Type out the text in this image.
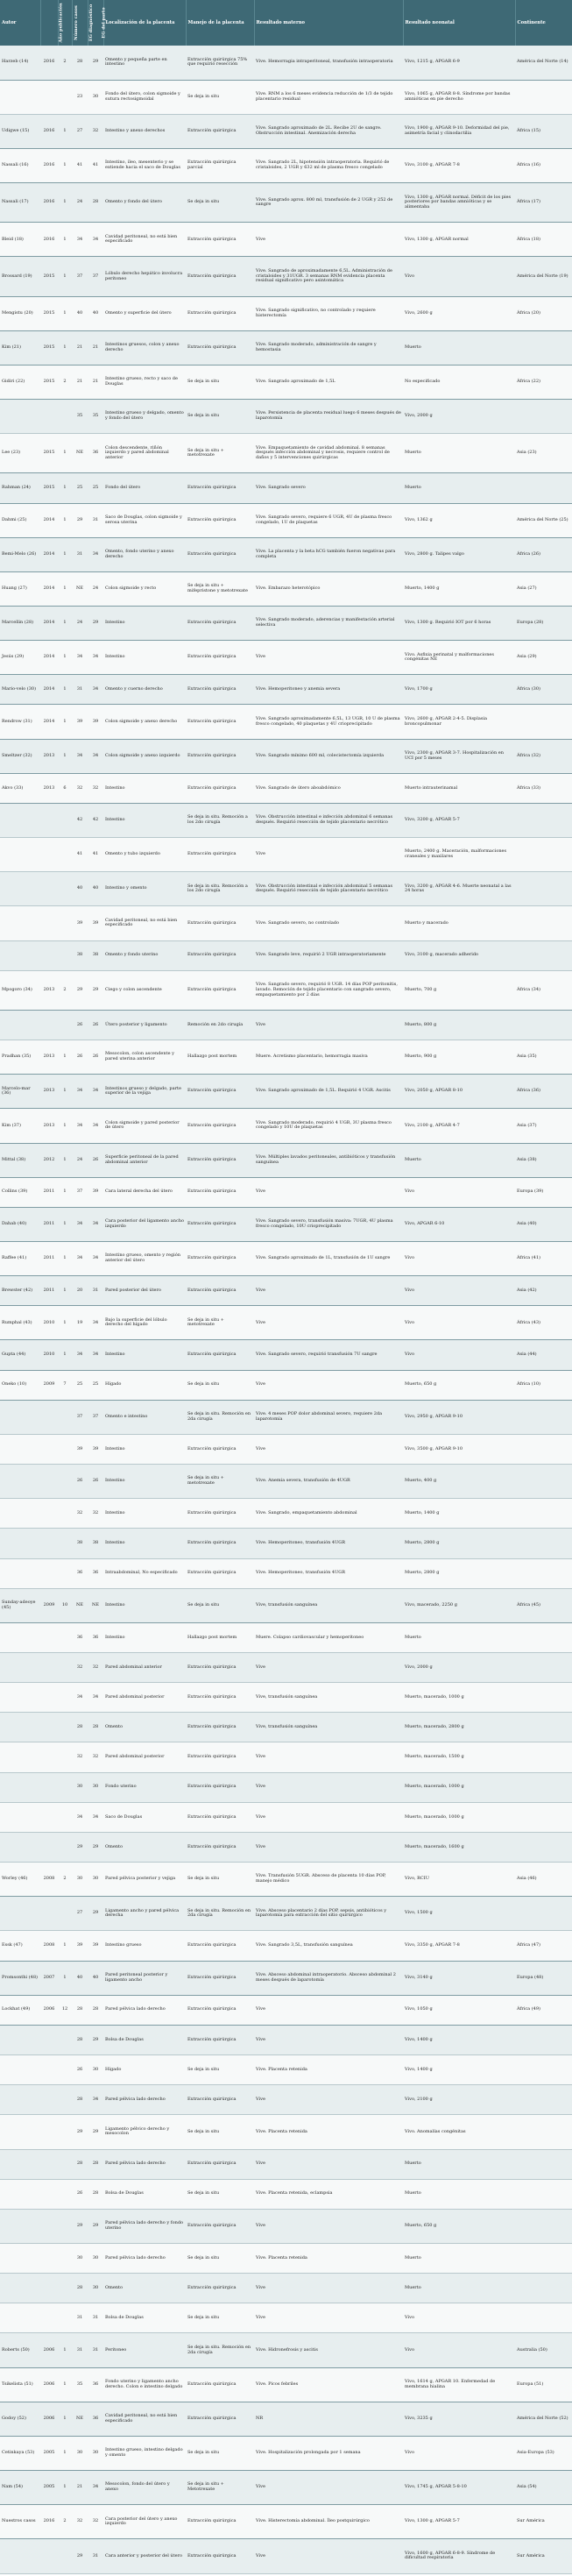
Autor	Año publicación	Número casos	EG diagnóstico	EG del parto	Localización de la placenta	Manejo de la placenta	Resultado materno	Resultado neonatal	Continente
Harzeb (14)	2016	2	28	29	Omento y pequeña parte en intestino	Extracción quirúrgica 75% que requirió resección	Vive. Hemorragia intraperitoneal, transfusión intraoperatoria	Vivo, 1215 g, APGAR 6-9	América del Norte (14)
			23	30	Fondo del útero, colon sigmoide y sutura rectosigmoidal	Se deja in situ	Vive. RNM a los 6 meses evidencia reducción de 1/3 de tejido placentario residual	Vivo, 1065 g, APGAR 8-8. Síndrome por bandas amnióticas en pie derecho	
Udigwe (15)	2016	1	27	32	Intestino y anexo derechos	Extracción quirúrgica	Vive. Sangrado aproximado de 2L. Recibe 2U de sangre. Obstrucción intestinal. Anemización derecha	Vivo, 1900 g, APGAR 9-10. Deformidad del pie, asimetría facial y clinodactilia	África (15)
Nassali (16)	2016	1	41	41	Intestino, íleo, mesenterio y se extiende hacia el saco de Douglas	Extracción quirúrgica parcial	Vive. Sangrado 2L, hipotensión intraoperatoria. Requirió de cristaloides, 2 UGR y 632 ml de plasma fresco congelado	Vivo, 3100 g, APGAR 7-8	África (16)
Nassali (17)	2016	1	24	28	Omento y fondo del útero	Se deja in situ	Vive. Sangrado aprox. 800 ml, transfusión de 2 UGR y 252 de sangre	Vivo, 1300 g, APGAR normal. Déficit de los pies posteriores por bandas amnióticas y se alimentaba	África (17)
Bleid (18)	2016	1	34	34	Cavidad peritoneal, no está bien especificado	Extracción quirúrgica	Vive	Vivo, 1300 g, APGAR normal	África (18)
Brossard (19)	2015	1	37	37	Lóbulo derecho hepático involucra peritoneo	Extracción quirúrgica	Vive. Sangrado de aproximadamente 6,5L. Administración de cristaloides y 31UGR. 3 semanas RNM evidencia placenta residual significativo pero asintomática	Vivo	América del Norte (19)
Mengistu (20)	2015	1	40	40	Omento y superficie del útero	Extracción quirúrgica	Vive. Sangrado significativo, no controlado y requiere histerectomía	Vivo, 2600 g	África (20)
Kim (21)	2015	1	21	21	Intestinos gruesos, colon y anexo derecho	Extracción quirúrgica	Vive. Sangrado moderado, administración de sangre y hemostasia	Muerto	
Gidiri (22)	2015	2	21	21	Intestino grueso, recto y saco de Douglas	Se deja in situ	Vive. Sangrado aproximado de 1,5L	No especificado	África (22)
			35	35	Intestino grueso y delgado, omento y fondo del útero	Se deja in situ	Vive. Persistencia de placenta residual luego 6 meses después de laparotomía	Vivo, 2000 g	
Lee (23)	2015	1	NE	36	Colon descendente, riñón izquierdo y pared abdominal anterior	Se deja in situ + metotrexate	Vive. Empaquetamiento de cavidad abdominal. 8 semanas después infección abdominal y necrosis, requiere control de daños y 5 intervenciones quirúrgicas	Muerto	Asia (23)
Rahman (24)	2015	1	25	25	Fondo del útero	Extracción quirúrgica	Vive. Sangrado severo	Muerto	
Dahmi (25)	2014	1	29	31	Saco de Douglas, colon sigmoide y serosa uterina	Extracción quirúrgica	Vive. Sangrado severo, requiere 6 UGR, 4U de plasma fresco congelado, 1U de plaquetas	Vivo, 1362 g	América del Norte (25)
Bemi-Melo (26)	2014	1	31	34	Omento, fondo uterino y anexo derecho	Extracción quirúrgica	Vive. La placenta y la beta hCG también fueron negativas para completa	Vivo, 2800 g. Talipes valgo	África (26)
Huang (27)	2014	1	NE	24	Colon sigmoide y recto	Se deja in situ + mifepristone y metotrexate	Vive. Embarazo heterotópico	Muerto, 1400 g	Asia (27)
Marcellin (28)	2014	1	24	29	Intestino	Extracción quirúrgica	Vive. Sangrado moderado, aderencias y manifestación arterial selectiva	Vivo, 1300 g. Requirió IOT por 6 horas	Europa (28)
Jesús (29)	2014	1	34	34	Intestino	Extracción quirúrgica	Vive	Vivo. Asfixia perinatal y malformaciones congénitas NE	Asia (29)
Mario-velo (30)	2014	1	31	34	Omento y cuerno derecho	Extracción quirúrgica	Vive. Hemoperitoneo y anemia severa	Vivo, 1700 g	África (30)
Rendrow (31)	2014	1	39	39	Colon sigmoide y anexo derecho	Extracción quirúrgica	Vive. Sangrado aproximadamente 6,5L, 13 UGR, 10 U de plasma fresco congelado, 40 plaquetas y 4U crioprecipitado	Vivo, 2600 g, APGAR 2-4-5. Displasia broncopulmonar	
Smeltzer (32)	2013	1	34	34	Colon sigmoide y anexo izquierdo	Extracción quirúrgica	Vive. Sangrado mínimo 600 ml, colecistectomía izquierda	Vivo, 2300 g, APGAR 3-7. Hospitalización en UCI por 5 meses	África (32)
Akvo (33)	2013	6	32	32	Intestino	Extracción quirúrgica	Vive. Sangrado de útero aboabdómico	Muerto intrauterinamal	África (33)
			42	42	Intestino	Se deja in situ. Remoción a los 2do cirugía	Vive. Obstrucción intestinal e infección abdominal 6 semanas después. Requirió resección de tejido placentario necrótico	Vivo, 3200 g, APGAR 5-7	
			41	41	Omento y tubo izquierdo	Extracción quirúrgica	Vive	Muerto, 2400 g. Maceración, malformaciones craneales y maxilares	
			40	40	Intestino y omento	Se deja in situ. Remoción a los 2do cirugía	Vive. Obstrucción intestinal e infección abdominal 5 semanas después. Requirió resección de tejido placentario necrótico	Vivo, 3200 g, APGAR 4-6. Muerte neonatal a las 24 horas	
			39	39	Cavidad peritoneal, no está bien especificado	Extracción quirúrgica	Vive. Sangrado severo, no controlado	Muerto y macerado	
			38	38	Omento y fondo uterino	Extracción quirúrgica	Vive. Sangrado leve, requirió 2 UGR intraoperatoriamente	Vivo, 3100 g, macerado adherido	
Mpogoro (34)	2013	2	29	29	Ciego y colon ascendente	Extracción quirúrgica	Vive. Sangrado severo, requirió 8 UGR. 14 días POP peritonitis, lavado. Remoción de tejido placentario con sangrado severo, empaquetamiento por 2 días	Muerto, 700 g	África (34)
			26	26	Útero posterior y ligamento	Remoción en 2do cirugía	Vive	Muerto, 800 g	
Pradhan (35)	2013	1	26	26	Mesocolon, colon ascendente y pared uterina anterior	Hallazgo post mortem	Muere. Acretismo placentario, hemorragia masiva	Muerto, 900 g	Asia (35)
Marcelo-mar (36)	2013	1	34	34	Intestinos grueso y delgado, parte superior de la vejiga	Extracción quirúrgica	Vive. Sangrado aproximado de 1,5L. Requirió 4 UGR. Ascitis	Vivo, 2050 g, APGAR 8-10	África (36)
Kim (37)	2013	1	34	34	Colon sigmoide y pared posterior de útero	Extracción quirúrgica	Vive. Sangrado moderado, requirió 4 UGR, 3U plasma fresco congelado y 10U de plaquetas	Vivo, 2100 g, APGAR 4-7	Asia (37)
Mittal (38)	2012	1	24	26	Superficie peritoneal de la pared abdominal anterior	Extracción quirúrgica	Vive. Múltiples lavados peritoneales, antibióticos y transfusión sanguínea	Muerto	Asia (38)
Collins (39)	2011	1	37	39	Cara lateral derecha del útero	Extracción quirúrgica	Vive	Vivo	Europa (39)
Dahab (40)	2011	1	34	34	Cara posterior del ligamento ancho izquierdo	Extracción quirúrgica	Vive. Sangrado severo, transfusión masiva: 7UGR, 4U plasma fresco congelado, 10U crioprecipitado	Vivo, APGAR 6-10	Asia (40)
Raffee (41)	2011	1	34	34	Intestino grueso, omento y región anterior del útero	Extracción quirúrgica	Vive. Sangrado aproximado de 1L, transfusión de 1U sangre	Vivo	África (41)
Brewster (42)	2011	1	20	31	Pared posterior del útero	Extracción quirúrgica	Vive	Vivo	Asia (42)
Rumphal (43)	2010	1	19	34	Bajo la superficie del lóbulo derecho del hígado	Se deja in situ + metotrexate	Vive	Vivo	África (43)
Gupta (44)	2010	1	34	34	Intestino	Extracción quirúrgica	Vive. Sangrado severo, requirió transfusión 7U sangre	Vivo	Asia (44)
Oneko (10)	2009	7	25	25	Hígado	Se deja in situ	Vive	Muerto, 650 g	África (10)
			37	37	Omento e intestino	Se deja in situ. Remoción en 2da cirugía	Vive. 4 meses POP dolor abdominal severo, requiere 2da laparotomía	Vivo, 2950 g, APGAR 9-10	
			39	39	Intestino	Extracción quirúrgica	Vive	Vivo, 3500 g, APGAR 9-10	
			26	26	Intestino	Se deja in situ + metotrexate	Vive. Anemia severa, transfusión de 4UGR	Muerto, 400 g	
			32	32	Intestino	Extracción quirúrgica	Vive. Sangrado, empaquetamiento abdominal	Muerto, 1400 g	
			38	38	Intestino	Extracción quirúrgica	Vive. Hemoperitoneo, transfusión 4UGR	Muerto, 2800 g	
			36	36	Intraabdominal, No especificado	Extracción quirúrgica	Vive. Hemoperitoneo, transfusión 4UGR	Muerto, 2800 g	
Sunday-adeoye (45)	2009	10	NE	NE	Intestino	Se deja in situ	Vive, transfusión sanguínea	Vivo, macerado, 2250 g	África (45)
			36	36	Intestino	Hallazgo post mortem	Muere. Colapso cardiovascular y hemoperitoneo	Muerto	
			32	32	Pared abdominal anterior	Extracción quirúrgica	Vive	Vivo, 2000 g	
			34	34	Pared abdominal posterior	Extracción quirúrgica	Vive, transfusión sanguínea	Muerto, macerado, 1000 g	
			28	28	Omento	Extracción quirúrgica	Vive, transfusión sanguínea	Muerto, macerado, 2800 g	
			32	32	Pared abdominal posterior	Extracción quirúrgica	Vive	Muerto, macerado, 1500 g	
			30	30	Fondo uterino	Extracción quirúrgica	Vive	Muerto, macerado, 1000 g	
			34	34	Saco de Douglas	Extracción quirúrgica	Vive	Muerto, macerado, 1000 g	
			29	29	Omento	Extracción quirúrgica	Vive	Muerto, macerado, 1600 g	
Worley (46)	2008	2	30	30	Pared pélvica posterior y vejiga	Se deja in situ	Vive. Transfusión 5UGR. Absceso de placenta 10 días POP, manejo médico	Vivo, RCIU	Asia (46)
			27	29	Ligamento ancho y pared pélvica derecha	Se deja in situ. Remoción en 2da cirugía	Vive. Absceso placentario 2 días POP, sepsis, antibióticos y laparotomía para extracción del sitio quirúrgico	Vivo, 1500 g	
Essk (47)	2008	1	39	39	Intestino grueso	Extracción quirúrgica	Vive. Sangrado 3,5L, transfusión sanguínea	Vivo, 3350 g, APGAR 7-8	África (47)
Promsonthi (48)	2007	1	40	40	Pared peritoneal posterior y ligamento ancho	Extracción quirúrgica	Vive. Absceso abdominal intraoperatorio. Absceso abdominal 2 meses después de laparotomía	Vivo, 3140 g	Europa (48)
Lockhat (49)	2006	12	28	28	Pared pélvica lado derecho	Extracción quirúrgica	Vive	Vivo, 1050 g	África (49)
			28	29	Bolsa de Douglas	Extracción quirúrgica	Vive	Vivo, 1400 g	
			26	30	Hígado	Se deja in situ	Vive. Placenta retenida	Vivo, 1400 g	
			28	34	Pared pélvica lado derecho	Extracción quirúrgica	Vive	Vivo, 2100 g	
			29	29	Ligamento pélvico derecho y mesocolon	Se deja in situ	Vive. Placenta retenida	Vivo. Anomalías congénitas	
			28	28	Pared pélvica lado derecho	Extracción quirúrgica	Vive	Muerto	
			26	28	Bolsa de Douglas	Se deja in situ	Vive. Placenta retenida, eclampsia	Muerto	
			29	29	Pared pélvica lado derecho y fondo uterino	Extracción quirúrgica	Vive	Muerto, 650 g	
			30	30	Pared pélvica lado derecho	Se deja in situ	Vive. Placenta retenida	Muerto	
			28	30	Omento	Extracción quirúrgica	Vive	Muerto	
			31	31	Bolsa de Douglas	Se deja in situ	Vive	Vivo	
Roberts (50)	2006	1	31	31	Peritoneo	Se deja in situ. Remoción en 2da cirugía	Vive. Hidronefrosis y ascitis	Vivo	Australia (50)
Tsikelista (51)	2006	1	35	36	Fondo uterino y ligamento ancho derecho. Colon e intestino delgado	Extracción quirúrgica	Vive. Picos febriles	Vivo, 1614 g, APGAR 10. Enfermedad de membrana hialina	Europa (51)
Godoy (52)	2006	1	NE	36	Cavidad peritoneal, no está bien especificado	Extracción quirúrgica	NR	Vivo, 3235 g	América del Norte (52)
Cetinkaya (53)	2005	1	30	30	Intestino grueso, intestino delgado y omento	Se deja in situ	Vive. Hospitalización prolongada por 1 semana	Vivo	Asia-Europa (53)
Nam (54)	2005	1	21	34	Mesocolon, fondo del útero y anexo	Se deja in situ + Metotrexate	Vive	Vivo, 1745 g, APGAR 5-8-10	Asia (54)
Nuestros casos	2016	2	32	32	Cara posterior del útero y anexo izquierdo	Extracción quirúrgica	Vive. Histerectomía abdominal. Íleo postquirúrgico	Vivo, 1300 g, APGAR 5-7	Sur América
			29	31	Cara anterior y posterior del útero	Extracción quirúrgica	Vive	Vivo, 1600 g, APGAR 6-8-9. Síndrome de dificultad respiratoria	Sur América
